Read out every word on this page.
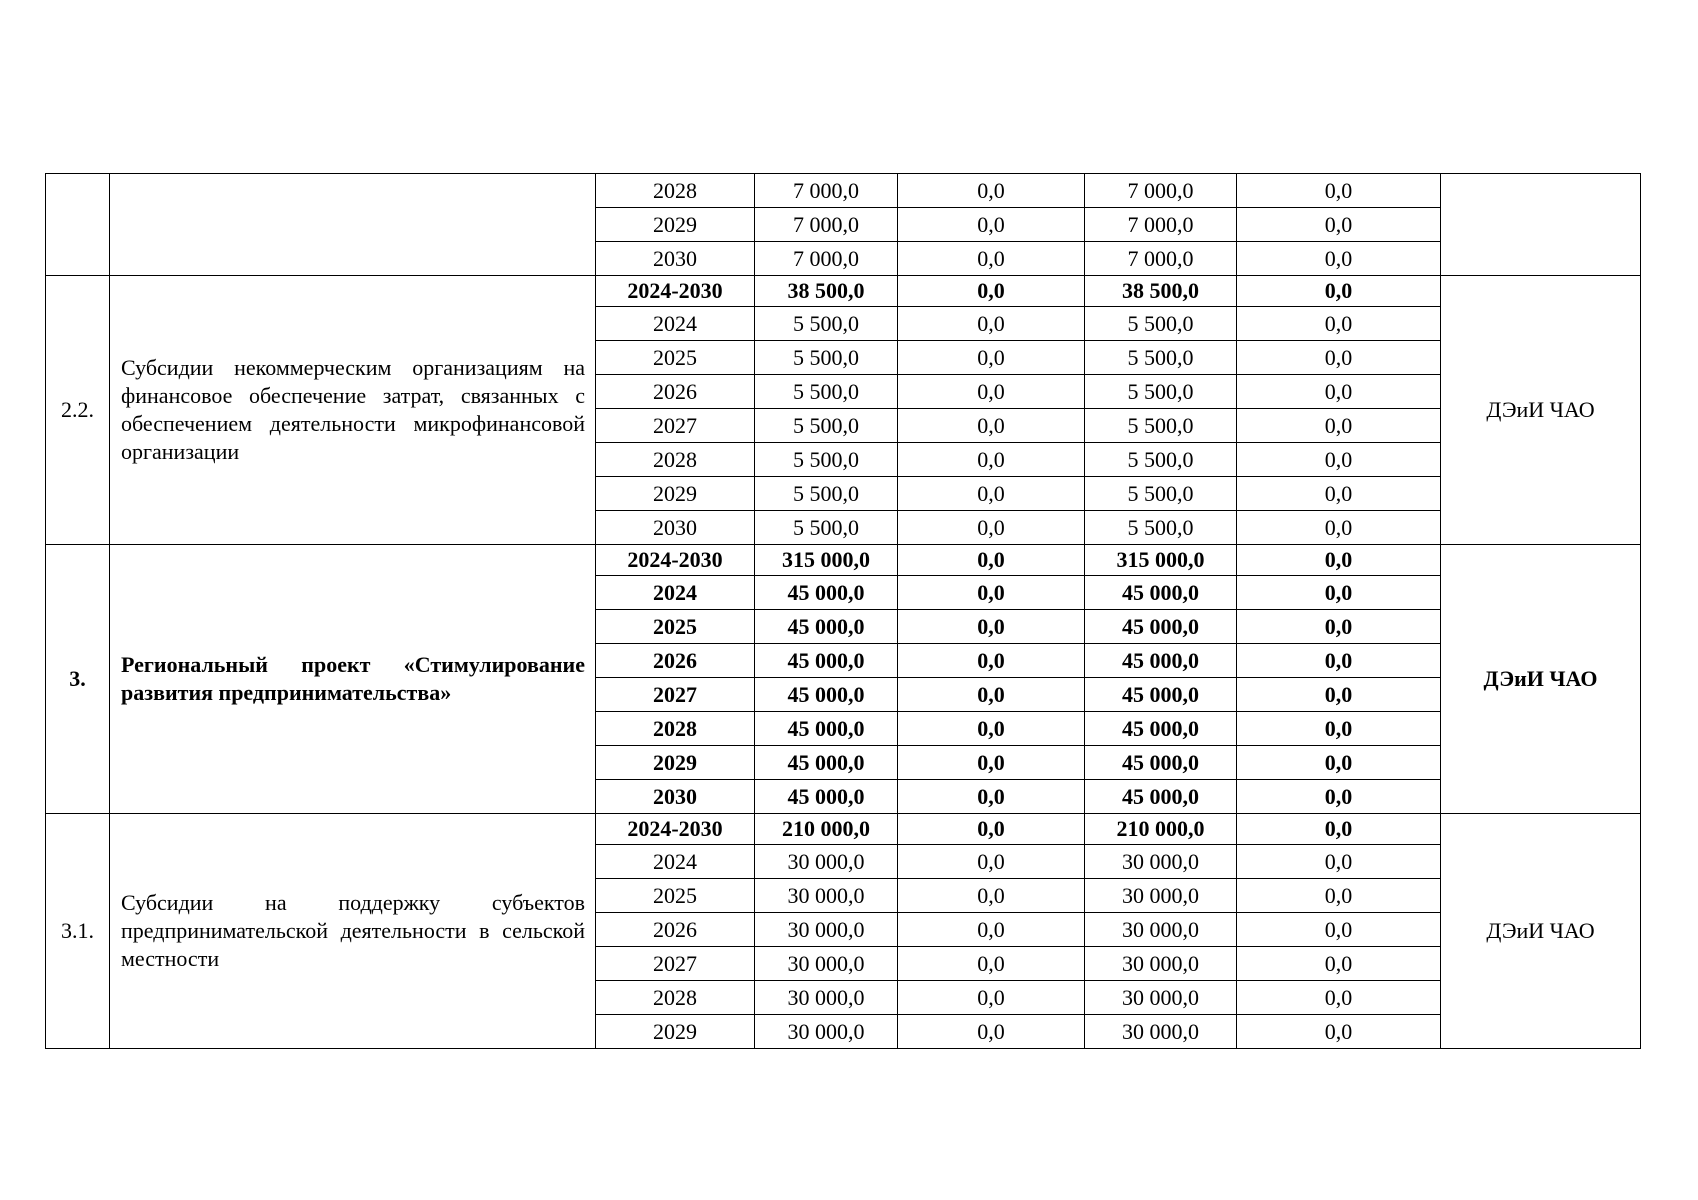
		2028	7 000,0	0,0	7 000,0	0,0	
		2029	7 000,0	0,0	7 000,0	0,0	
		2030	7 000,0	0,0	7 000,0	0,0	
2.2.	Субсидии некоммерческим организациям на финансовое обеспечение затрат, связанных с обеспечением деятельности микрофинансовой организации	2024-2030	38 500,0	0,0	38 500,0	0,0	ДЭиИ ЧАО
		2024	5 500,0	0,0	5 500,0	0,0	
		2025	5 500,0	0,0	5 500,0	0,0	
		2026	5 500,0	0,0	5 500,0	0,0	
		2027	5 500,0	0,0	5 500,0	0,0	
		2028	5 500,0	0,0	5 500,0	0,0	
		2029	5 500,0	0,0	5 500,0	0,0	
		2030	5 500,0	0,0	5 500,0	0,0	
3.	Региональный проект «Стимулирование развития предпринимательства»	2024-2030	315 000,0	0,0	315 000,0	0,0	ДЭиИ ЧАО
		2024	45 000,0	0,0	45 000,0	0,0	
		2025	45 000,0	0,0	45 000,0	0,0	
		2026	45 000,0	0,0	45 000,0	0,0	
		2027	45 000,0	0,0	45 000,0	0,0	
		2028	45 000,0	0,0	45 000,0	0,0	
		2029	45 000,0	0,0	45 000,0	0,0	
		2030	45 000,0	0,0	45 000,0	0,0	
3.1.	Субсидии на поддержку субъектов предпринимательской деятельности в сельской местности	2024-2030	210 000,0	0,0	210 000,0	0,0	ДЭиИ ЧАО
		2024	30 000,0	0,0	30 000,0	0,0	
		2025	30 000,0	0,0	30 000,0	0,0	
		2026	30 000,0	0,0	30 000,0	0,0	
		2027	30 000,0	0,0	30 000,0	0,0	
		2028	30 000,0	0,0	30 000,0	0,0	
		2029	30 000,0	0,0	30 000,0	0,0	
